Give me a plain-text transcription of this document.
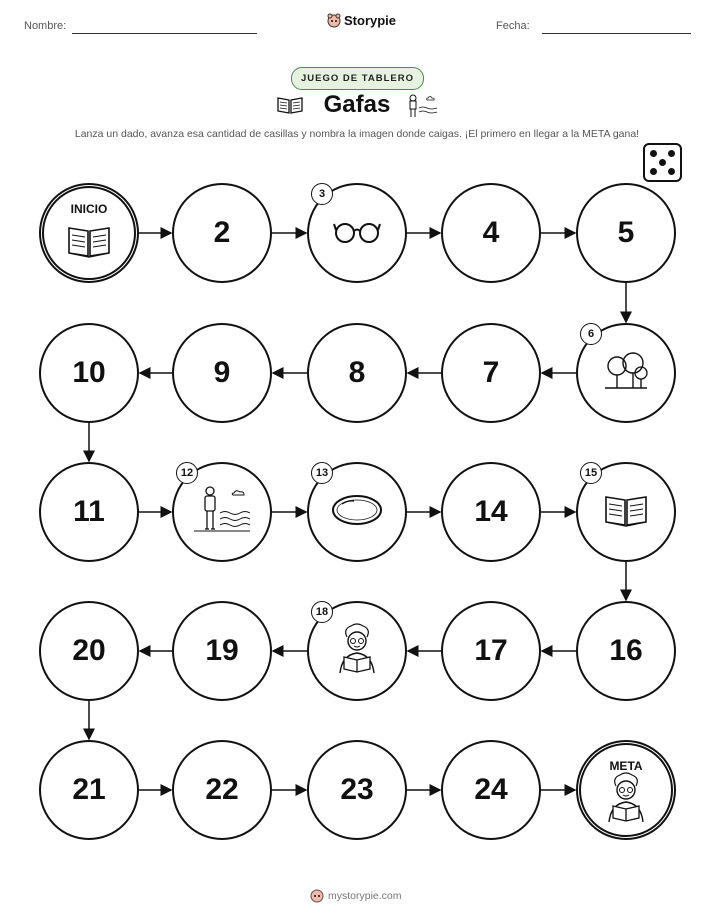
Nombre:	Storypie	Fecha:
JUEGO DE TABLERO
Gafas
Lanza un dado, avanza esa cantidad de casillas y nombra la imagen donde caigas. ¡El primero en llegar a la META gana!
INICIO
2
3
4	5
6
7
8
9
10
11
12	13
14
15
16
17
18
19
20
21	22	23	24
META
mystorypie.com
